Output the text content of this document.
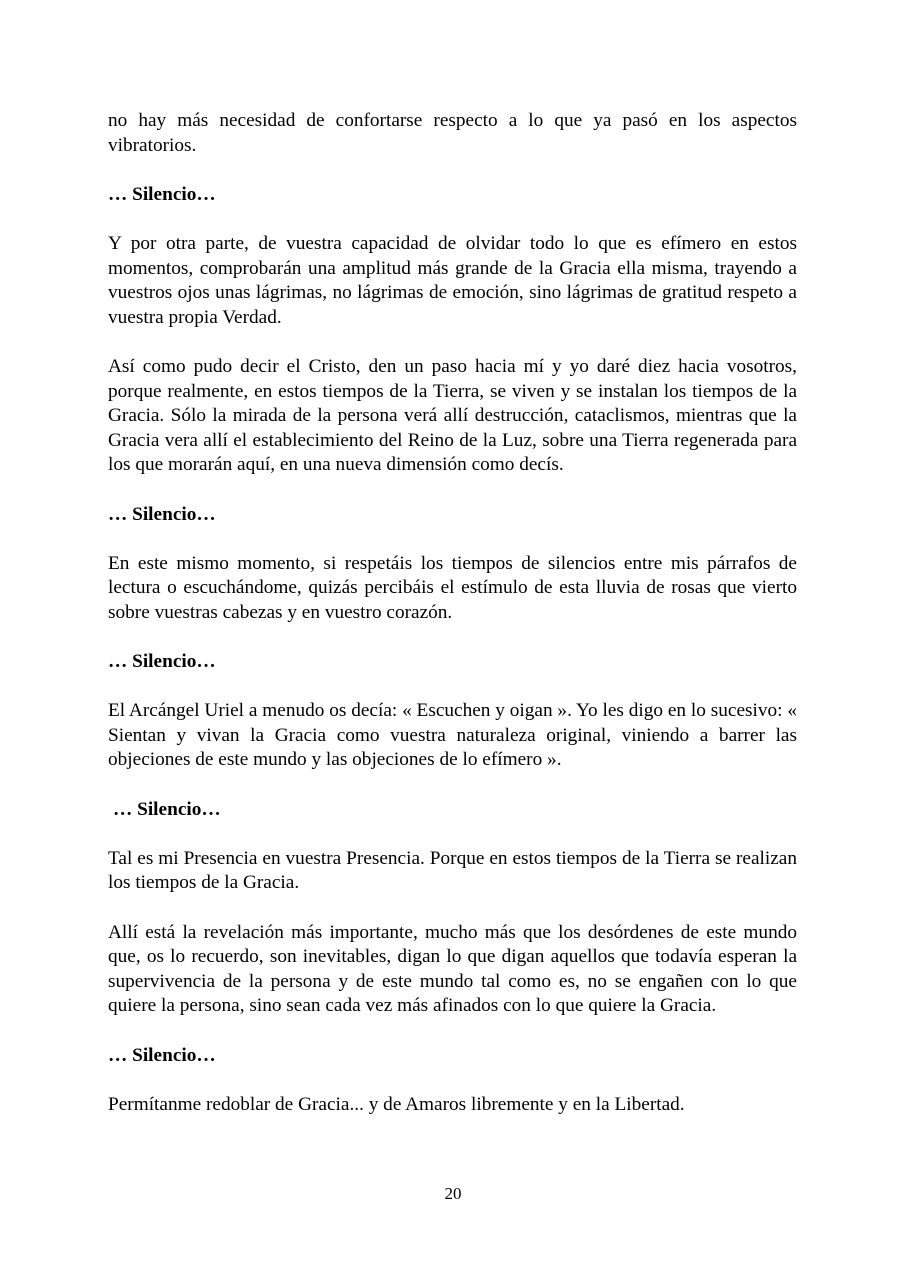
no hay más necesidad de confortarse respecto a lo que ya pasó en los aspectos vibratorios.

… Silencio…

Y por otra parte, de vuestra capacidad de olvidar todo lo que es efímero en estos momentos, comprobarán una amplitud más grande de la Gracia ella misma, trayendo a vuestros ojos unas lágrimas, no lágrimas de emoción, sino lágrimas de gratitud respeto a vuestra propia Verdad.

Así como pudo decir el Cristo, den un paso hacia mí y yo daré diez hacia vosotros, porque realmente, en estos tiempos de la Tierra, se viven y se instalan los tiempos de la Gracia. Sólo la mirada de la persona verá allí destrucción, cataclismos, mientras que la Gracia vera allí el establecimiento del Reino de la Luz, sobre una Tierra regenerada para los que morarán aquí, en una nueva dimensión como decís.

… Silencio…

En este mismo momento, si respetáis los tiempos de silencios entre mis párrafos de lectura o escuchándome, quizás percibáis el estímulo de esta lluvia de rosas que vierto sobre vuestras cabezas y en vuestro corazón.

… Silencio…

El Arcángel Uriel a menudo os decía: « Escuchen y oigan ». Yo les digo en lo sucesivo: « Sientan y vivan la Gracia como vuestra naturaleza original, viniendo a barrer las objeciones de este mundo y las objeciones de lo efímero ».

… Silencio…

Tal es mi Presencia en vuestra Presencia. Porque en estos tiempos de la Tierra se realizan los tiempos de la Gracia.

Allí está la revelación más importante, mucho más que los desórdenes de este mundo que, os lo recuerdo, son inevitables, digan lo que digan aquellos que todavía esperan la supervivencia de la persona y de este mundo tal como es, no se engañen con lo que quiere la persona, sino sean cada vez más afinados con lo que quiere la Gracia.

… Silencio…

Permítanme redoblar de Gracia... y de Amaros libremente y en la Libertad.

20
